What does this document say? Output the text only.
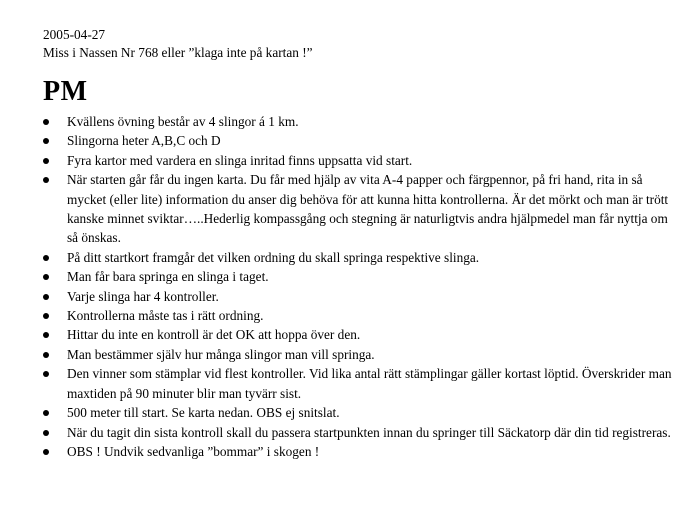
2005-04-27

Miss i Nassen Nr 768 eller ”klaga inte på kartan !”

PM
Kvällens övning består av 4 slingor á 1 km.
Slingorna heter A,B,C och D
Fyra kartor med vardera en slinga inritad finns uppsatta vid start.
När starten går får du ingen karta. Du får med hjälp av vita A-4 papper och färgpennor, på fri hand, rita in så mycket (eller lite) information du anser dig behöva för att kunna hitta kontrollerna. Är det mörkt och man är trött kanske minnet sviktar…..Hederlig kompassgång och stegning är naturligtvis andra hjälpmedel man får nyttja om så önskas.
På ditt startkort framgår det vilken ordning du skall springa respektive slinga.
Man får bara springa en slinga i taget.
Varje slinga har 4 kontroller.
Kontrollerna måste tas i rätt ordning.
Hittar du inte en kontroll är det OK att hoppa över den.
Man bestämmer själv hur många slingor man vill springa.
Den vinner som stämplar vid flest kontroller. Vid lika antal rätt stämplingar gäller kortast löptid. Överskrider man maxtiden på 90 minuter blir man tyvärr sist.
500 meter till start. Se karta nedan. OBS ej snitslat.
När du tagit din sista kontroll skall du passera startpunkten innan du springer till Säckatorp där din tid registreras.
OBS ! Undvik sedvanliga ”bommar” i skogen !
